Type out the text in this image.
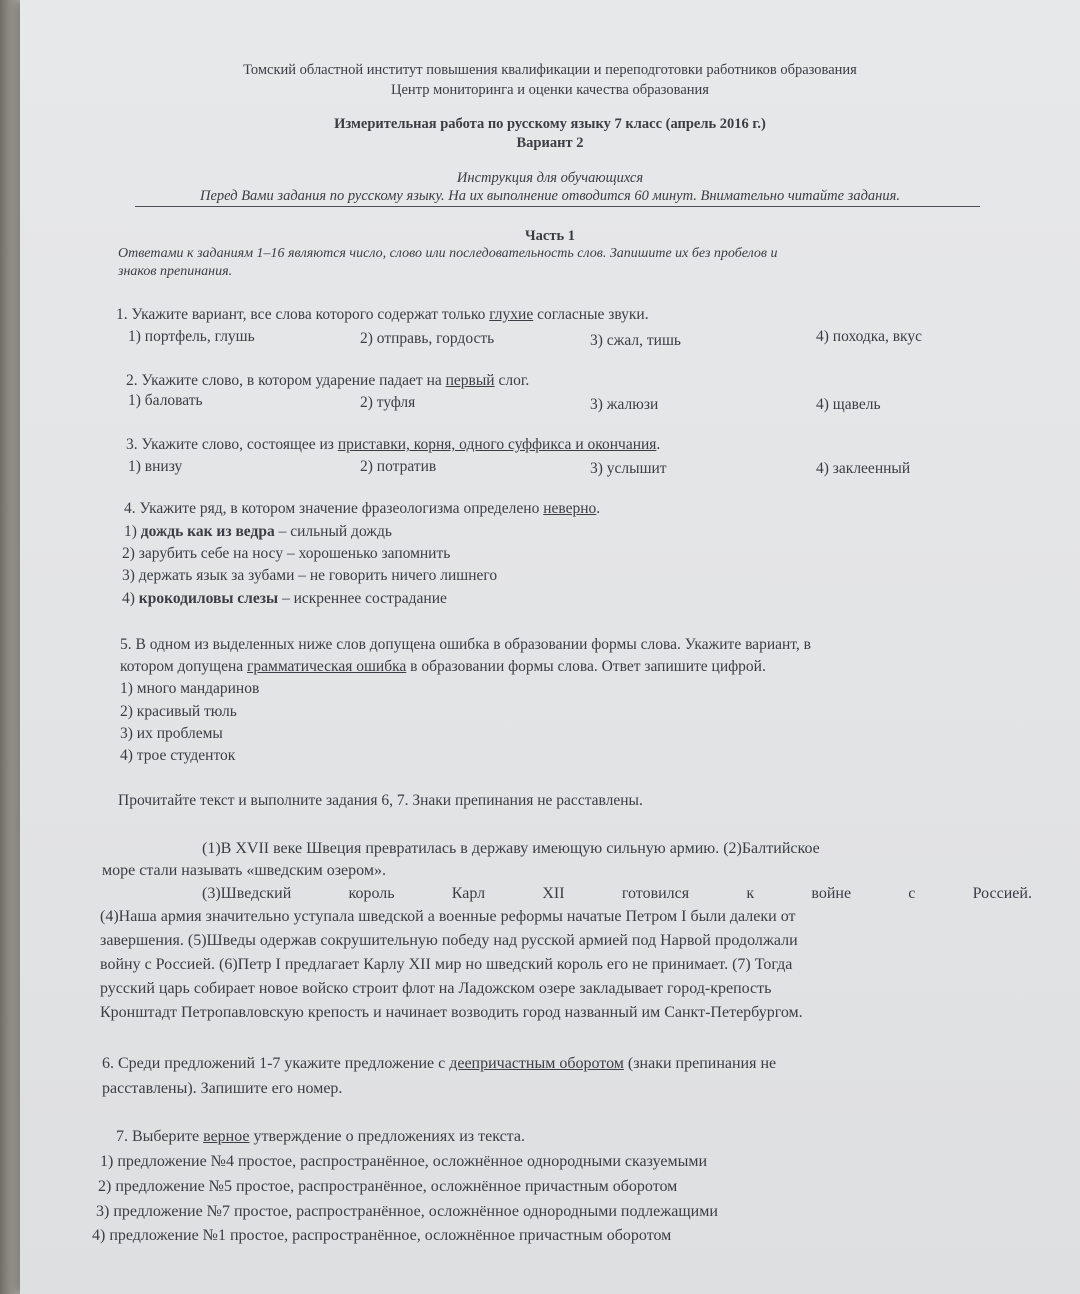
Томский областной институт повышения квалификации и переподготовки работников образования
Центр мониторинга и оценки качества образования
Измерительная работа по русскому языку 7 класс (апрель 2016 г.)
Вариант 2
Инструкция для обучающихся
Перед Вами задания по русскому языку. На их выполнение отводится 60 минут. Внимательно читайте задания.
Часть 1
Ответами к заданиям 1–16 являются число, слово или последовательность слов. Запишите их без пробелов и
знаков препинания.
1. Укажите вариант, все слова которого содержат только глухие согласные звуки.
1) портфель, глушь	2) отправь, гордость	3) сжал, тишь	4) походка, вкус
2. Укажите слово, в котором ударение падает на первый слог.
1) баловать	2) туфля	3) жалюзи	4) щавель
3. Укажите слово, состоящее из приставки, корня, одного суффикса и окончания.
1) внизу	2) потратив	3) услышит	4) заклеенный
4. Укажите ряд, в котором значение фразеологизма определено неверно.
1) дождь как из ведра – сильный дождь
2) зарубить себе на носу – хорошенько запомнить
3) держать язык за зубами – не говорить ничего лишнего
4) крокодиловы слезы – искреннее сострадание
5. В одном из выделенных ниже слов допущена ошибка в образовании формы слова. Укажите вариант, в
котором допущена грамматическая ошибка в образовании формы слова. Ответ запишите цифрой.
1) много мандаринов
2) красивый тюль
3) их проблемы
4) трое студенток
Прочитайте текст и выполните задания 6, 7. Знаки препинания не расставлены.
(1)В XVII веке Швеция превратилась в державу имеющую сильную армию. (2)Балтийское
море стали называть «шведским озером».
(3)Шведский	король	Карл	XII	готовился	к	войне	с	Россией.
(4)Наша армия значительно уступала шведской а военные реформы начатые Петром I были далеки от
завершения. (5)Шведы одержав сокрушительную победу над русской армией под Нарвой продолжали
войну с Россией. (6)Петр I предлагает Карлу XII мир но шведский король его не принимает. (7) Тогда
русский царь собирает новое войско строит флот на Ладожском озере закладывает город-крепость
Кронштадт Петропавловскую крепость и начинает возводить город названный им Санкт-Петербургом.
6. Среди предложений 1-7 укажите предложение с деепричастным оборотом (знаки препинания не
расставлены). Запишите его номер.
7. Выберите верное утверждение о предложениях из текста.
1) предложение №4 простое, распространённое, осложнённое однородными сказуемыми
2) предложение №5 простое, распространённое, осложнённое причастным оборотом
3) предложение №7 простое, распространённое, осложнённое однородными подлежащими
4) предложение №1 простое, распространённое, осложнённое причастным оборотом
